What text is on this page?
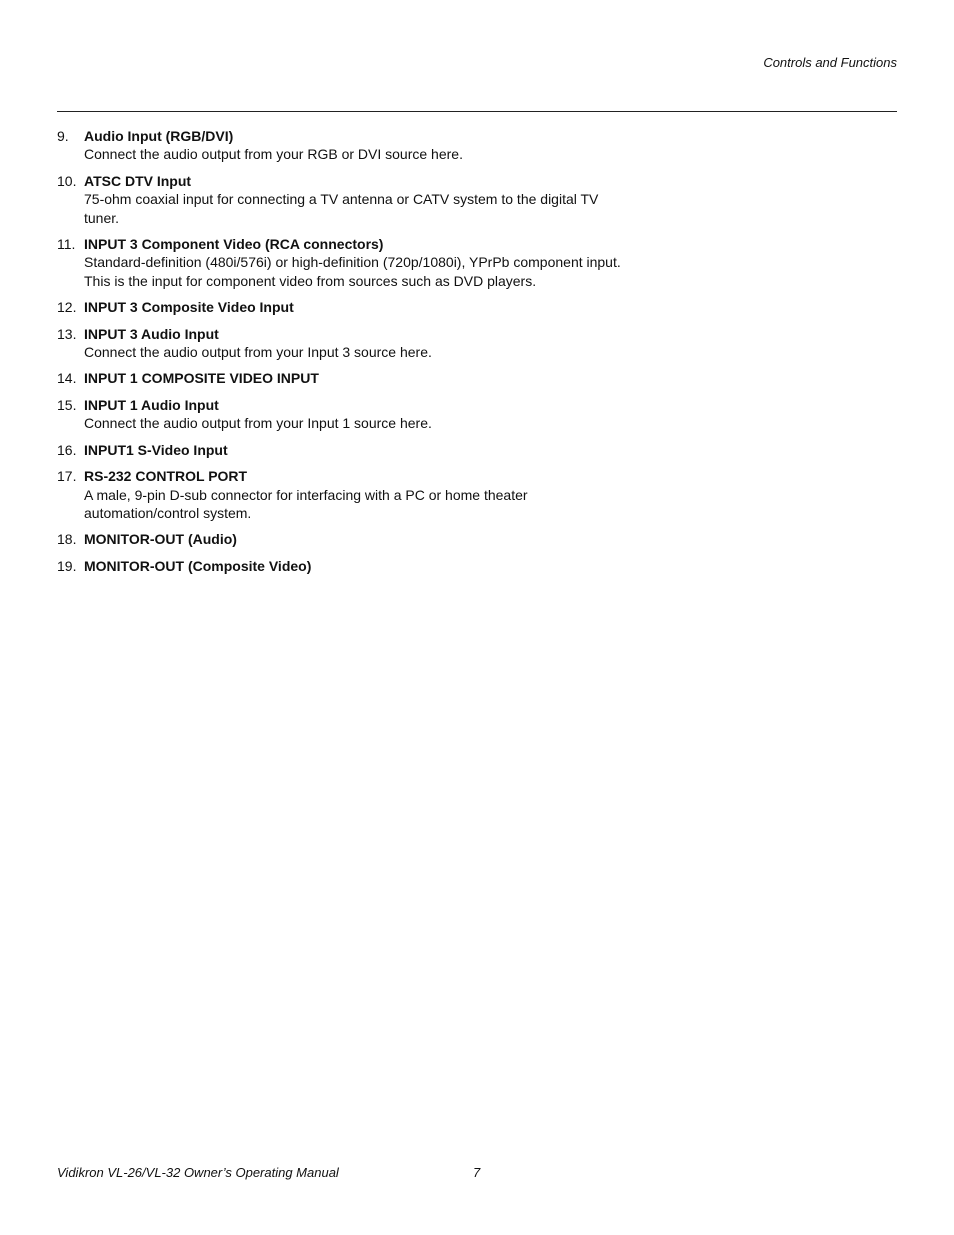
Controls and Functions

9.	Audio Input (RGB/DVI)
Connect the audio output from your RGB or DVI source here.
10. ATSC DTV Input
75-ohm coaxial input for connecting a TV antenna or CATV system to the digital TV
tuner.
11. INPUT 3 Component Video (RCA connectors)
Standard-definition (480i/576i) or high-definition (720p/1080i), YPrPb component input.
This is the input for component video from sources such as DVD players.
12. INPUT 3 Composite Video Input
13. INPUT 3 Audio Input
Connect the audio output from your Input 3 source here.
14. INPUT 1 COMPOSITE VIDEO INPUT
15. INPUT 1 Audio Input
Connect the audio output from your Input 1 source here.
16. INPUT1 S-Video Input
17. RS-232 CONTROL PORT
A male, 9-pin D-sub connector for interfacing with a PC or home theater
automation/control system.
18. MONITOR-OUT (Audio)
19. MONITOR-OUT (Composite Video)

Vidikron VL-26/VL-32 Owner’s Operating Manual	7
